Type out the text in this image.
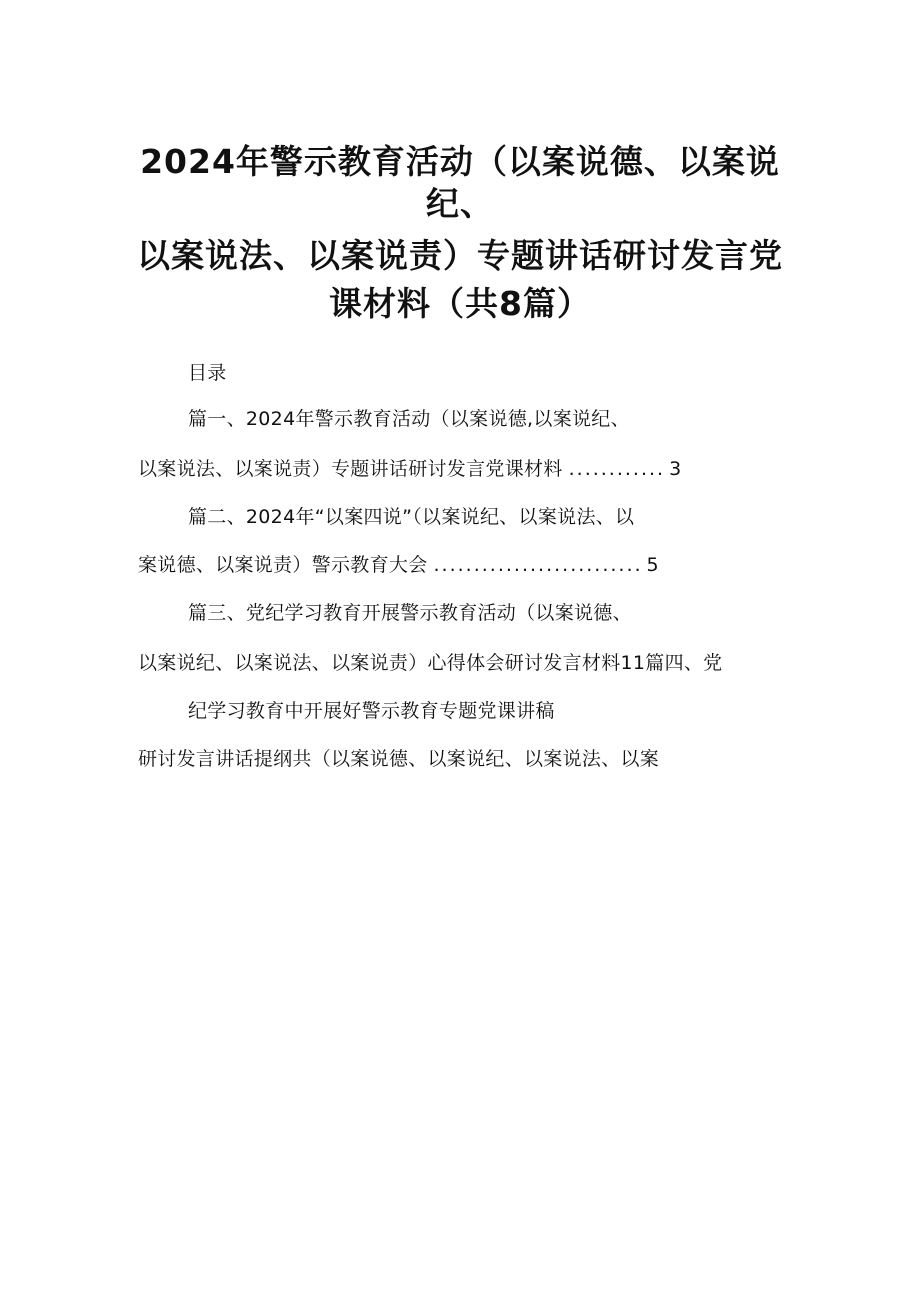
2024年警示教育活动（以案说德、以案说
纪、
以案说法、以案说责）专题讲话研讨发言党
课材料（共8篇）
目录
篇一、2024年警示教育活动（以案说德,以案说纪、
以案说法、以案说责）专题讲话研讨发言党课材料 ............ 3
篇二、2024年“以案四说”（以案说纪、以案说法、以
案说德、以案说责）警示教育大会 .......................... 5
篇三、党纪学习教育开展警示教育活动（以案说德、
以案说纪、以案说法、以案说责）心得体会研讨发言材料11篇四、党
纪学习教育中开展好警示教育专题党课讲稿
研讨发言讲话提纲共（以案说德、以案说纪、以案说法、以案
